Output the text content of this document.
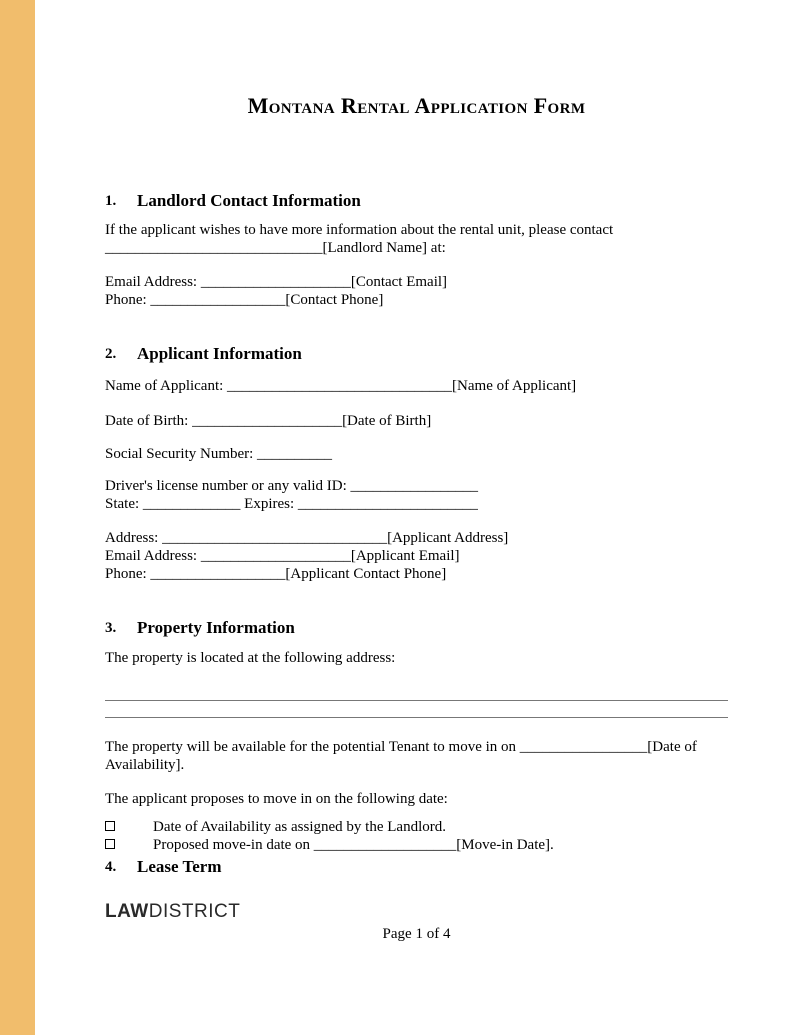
Montana Rental Application Form
1.	Landlord Contact Information
If the applicant wishes to have more information about the rental unit, please contact
_____________________________[Landlord Name] at:
Email Address: ____________________[Contact Email]
Phone: __________________[Contact Phone]
2.	Applicant Information
Name of Applicant: ______________________________[Name of Applicant]
Date of Birth: ____________________[Date of Birth]
Social Security Number: __________
Driver's license number or any valid ID: _________________
State: _____________ Expires: ________________________
Address: ______________________________[Applicant Address]
Email Address: ____________________[Applicant Email]
Phone: __________________[Applicant Contact Phone]
3.	Property Information
The property is located at the following address:
The property will be available for the potential Tenant to move in on _________________[Date of
Availability].
The applicant proposes to move in on the following date:
Date of Availability as assigned by the Landlord.
Proposed move-in date on ___________________[Move-in Date].
4.	Lease Term
LAWDISTRICT
Page 1 of 4
